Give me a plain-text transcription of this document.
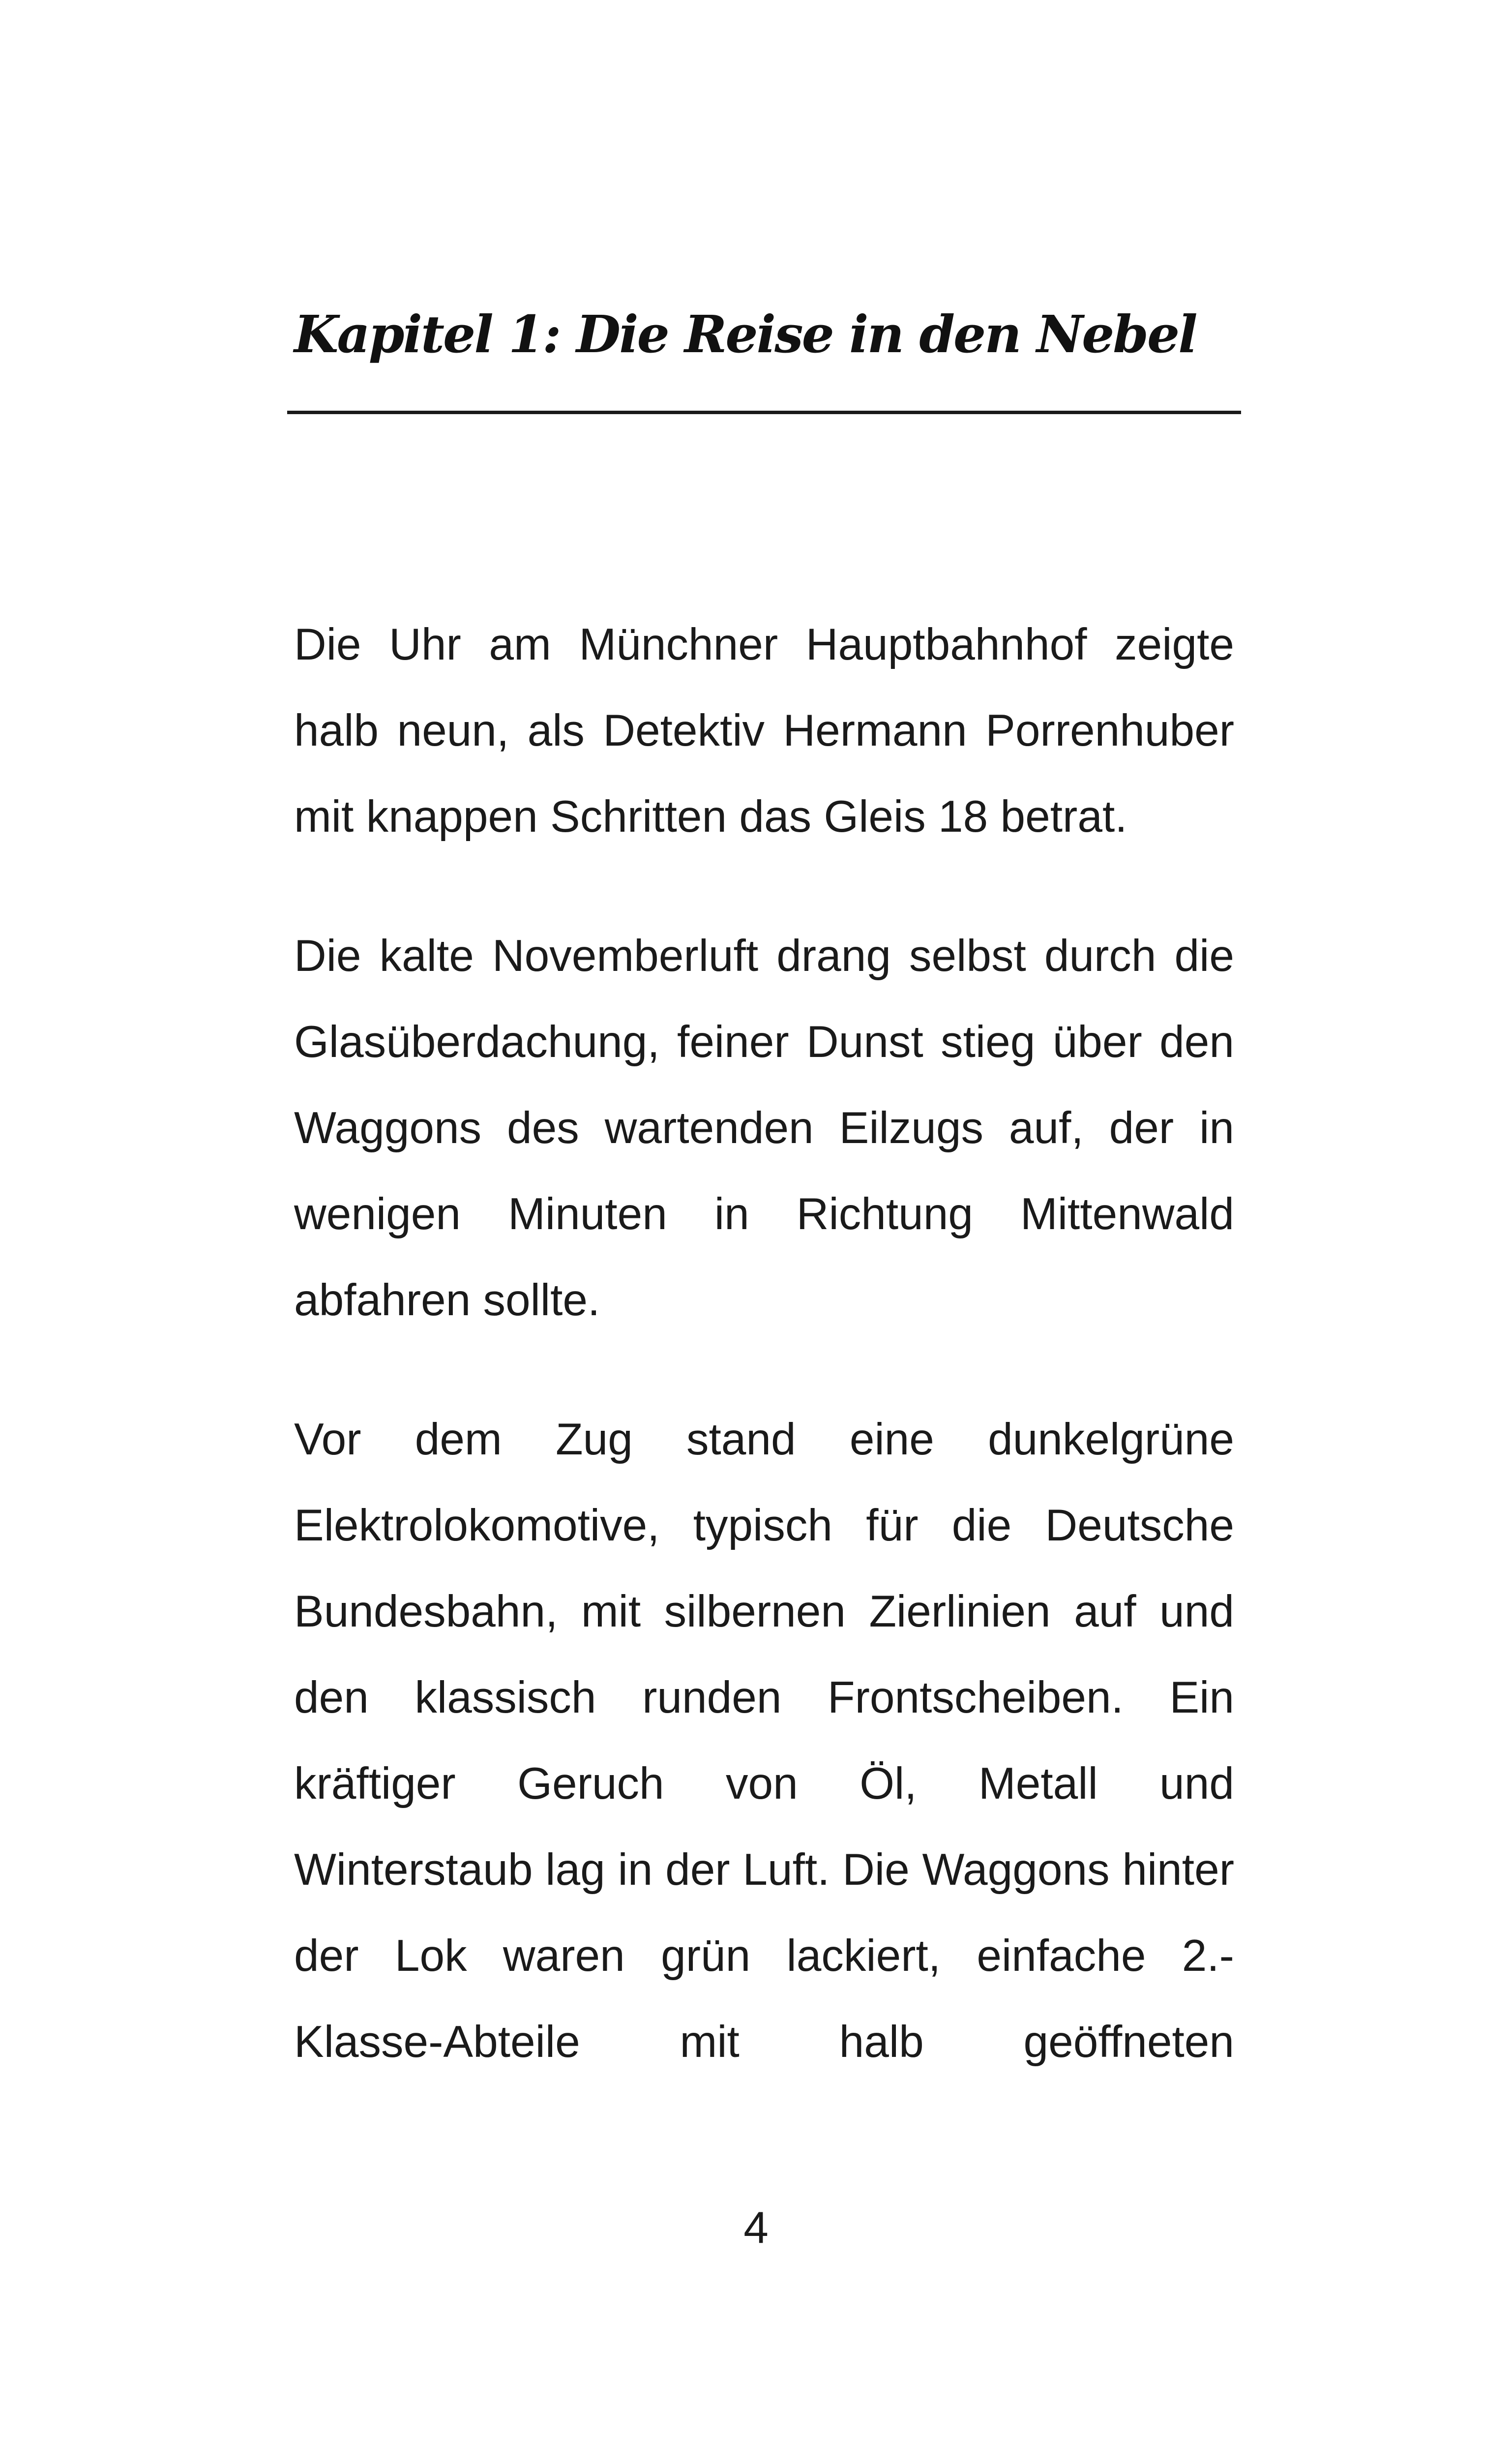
Kapitel 1: Die Reise in den Nebel

Die Uhr am Münchner Hauptbahnhof zeigte halb neun, als Detektiv Hermann Porrenhuber mit knappen Schritten das Gleis 18 betrat.

Die kalte Novemberluft drang selbst durch die Glasüberdachung, feiner Dunst stieg über den Waggons des wartenden Eilzugs auf, der in wenigen Minuten in Richtung Mittenwald abfahren sollte.

Vor dem Zug stand eine dunkelgrüne Elektrolokomotive, typisch für die Deutsche Bundesbahn, mit silbernen Zierlinien auf und den klassisch runden Frontscheiben. Ein kräftiger Geruch von Öl, Metall und Winterstaub lag in der Luft. Die Waggons hinter der Lok waren grün lackiert, einfache 2.-Klasse-Abteile mit halb geöffneten

4
